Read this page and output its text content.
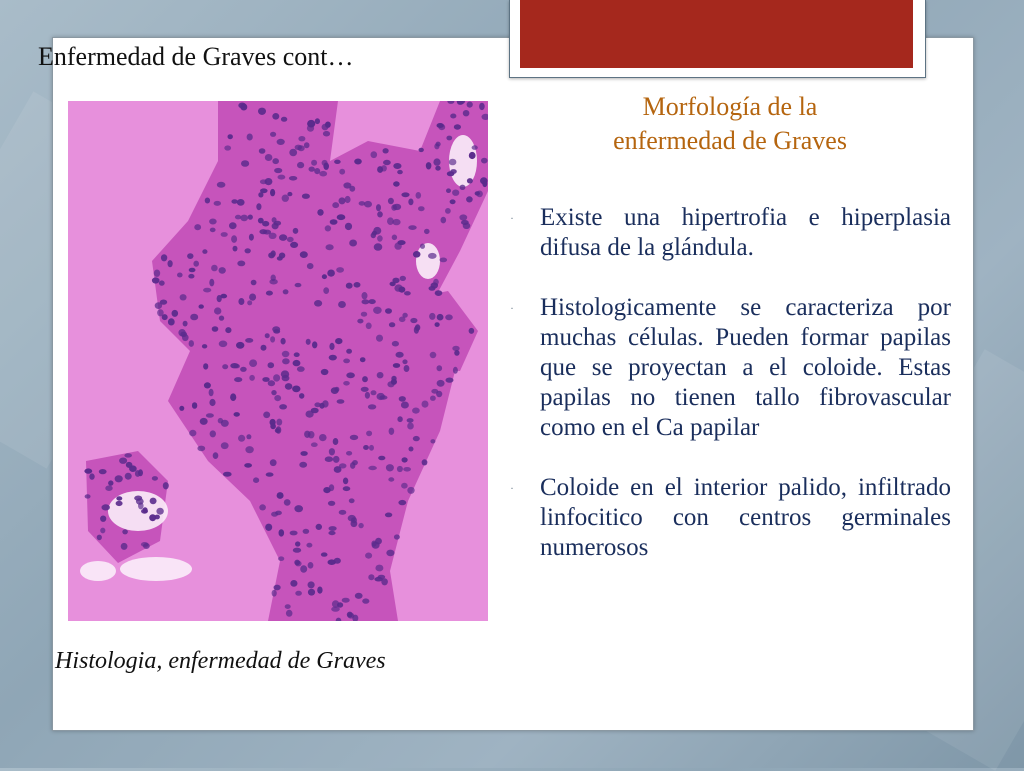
Enfermedad de Graves cont…
Histologia, enfermedad de Graves
Morfología de la enfermedad de Graves
· Existe una hipertrofia e hiperplasia difusa de la glándula.
· Histologicamente se caracteriza por muchas células. Pueden formar papilas que se proyectan a el coloide. Estas papilas no tienen tallo fibrovascular como en el Ca papilar
· Coloide en el interior palido, infiltrado linfocitico con centros germinales numerosos
